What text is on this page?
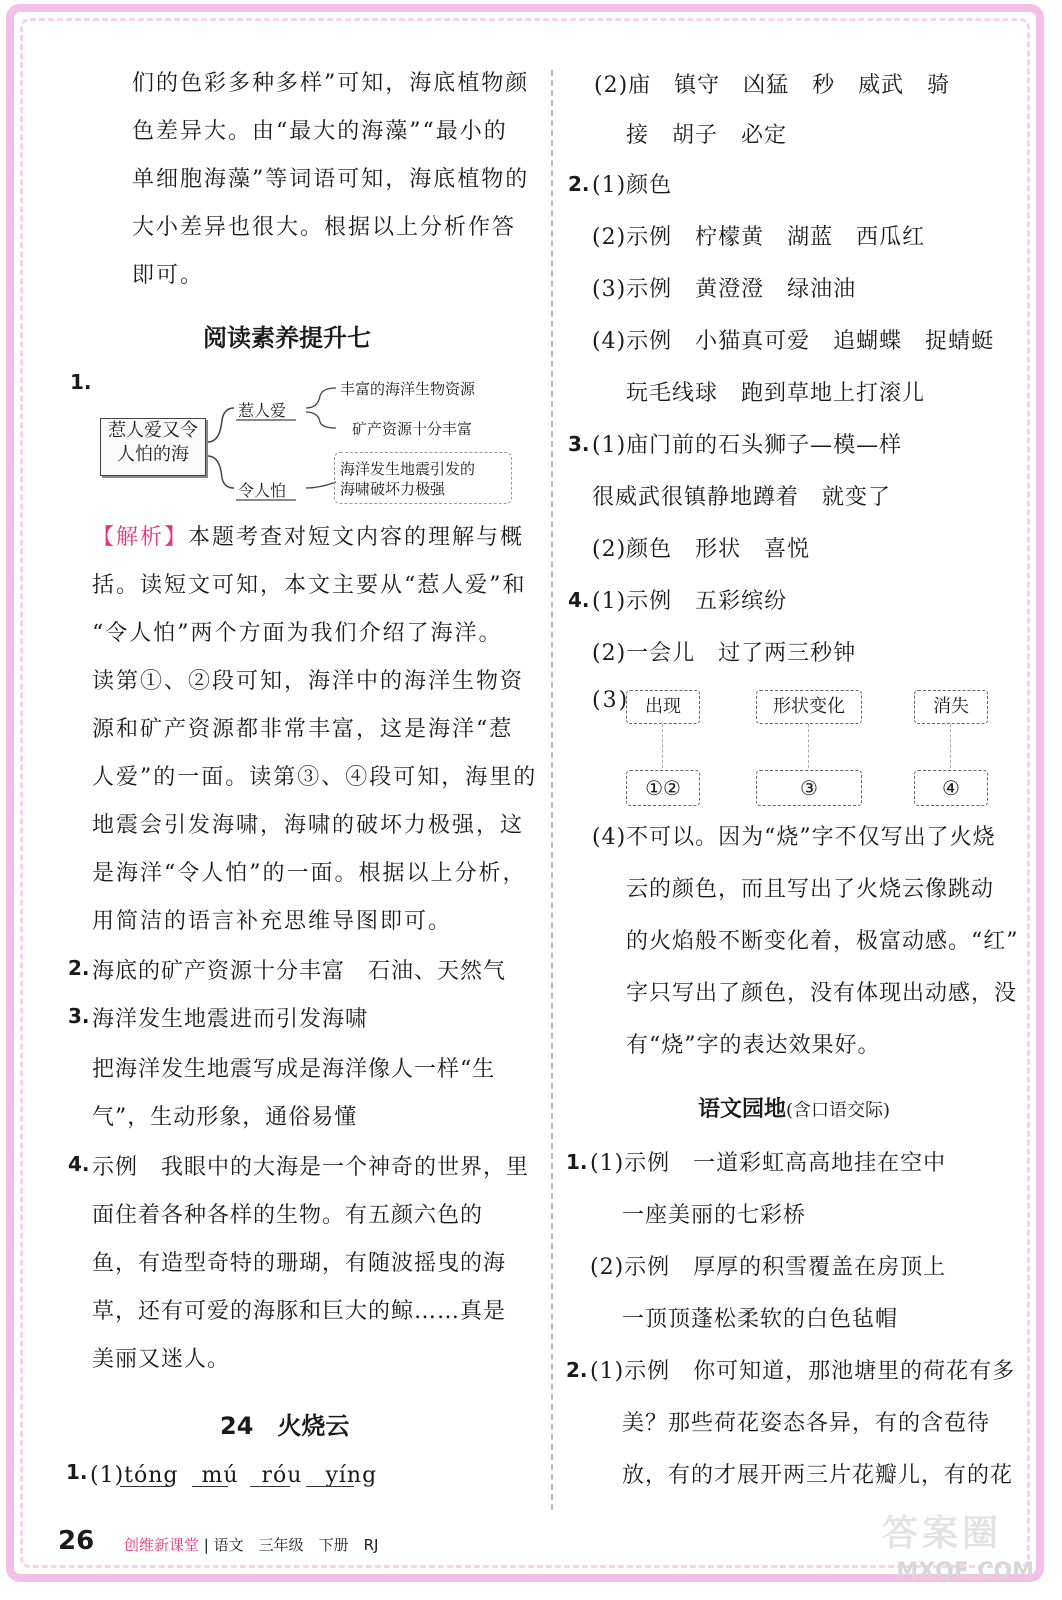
们的色彩多种多样”可知，海底植物颜
色差异大。由“最大的海藻”“最小的
单细胞海藻”等词语可知，海底植物的
大小差异也很大。根据以上分析作答
即可。
阅读素养提升七
1.
惹人爱又令人怕的海
惹人爱
令人怕
丰富的海洋生物资源
矿产资源十分丰富
海洋发生地震引发的
海啸破坏力极强
【解析】本题考查对短文内容的理解与概
括。读短文可知，本文主要从“惹人爱”和
“令人怕”两个方面为我们介绍了海洋。
读第①、②段可知，海洋中的海洋生物资
源和矿产资源都非常丰富，这是海洋“惹
人爱”的一面。读第③、④段可知，海里的
地震会引发海啸，海啸的破坏力极强，这
是海洋“令人怕”的一面。根据以上分析，
用简洁的语言补充思维导图即可。
2. 海底的矿产资源十分丰富　石油、天然气
3. 海洋发生地震进而引发海啸
把海洋发生地震写成是海洋像人一样“生
气”，生动形象，通俗易懂
4. 示例　我眼中的大海是一个神奇的世界，里
面住着各种各样的生物。有五颜六色的
鱼，有造型奇特的珊瑚，有随波摇曳的海
草，还有可爱的海豚和巨大的鲸……真是
美丽又迷人。
24　火烧云
1. (1)tóng　mú　róu　yíng
(2)庙　镇守　凶猛　秒　威武　骑
接　胡子　必定
2. (1)颜色
(2)示例　柠檬黄　湖蓝　西瓜红
(3)示例　黄澄澄　绿油油
(4)示例　小猫真可爱　追蝴蝶　捉蜻蜓
玩毛线球　跑到草地上打滚儿
3. (1)庙门前的石头狮子—模—样
很威武很镇静地蹲着　就变了
(2)颜色　形状　喜悦
4. (1)示例　五彩缤纷
(2)一会儿　过了两三秒钟
(3) 出现	形状变化	消失
①②	③	④
(4)不可以。因为“烧”字不仅写出了火烧
云的颜色，而且写出了火烧云像跳动
的火焰般不断变化着，极富动感。“红”
字只写出了颜色，没有体现出动感，没
有“烧”字的表达效果好。
语文园地(含口语交际)
1. (1)示例　一道彩虹高高地挂在空中
一座美丽的七彩桥
(2)示例　厚厚的积雪覆盖在房顶上
一顶顶蓬松柔软的白色毡帽
2. (1)示例　你可知道，那池塘里的荷花有多
美？那些荷花姿态各异，有的含苞待
放，有的才展开两三片花瓣儿，有的花
26 创维新课堂 | 语文　三年级　下册　RJ	答案圈
MXQE.COM
